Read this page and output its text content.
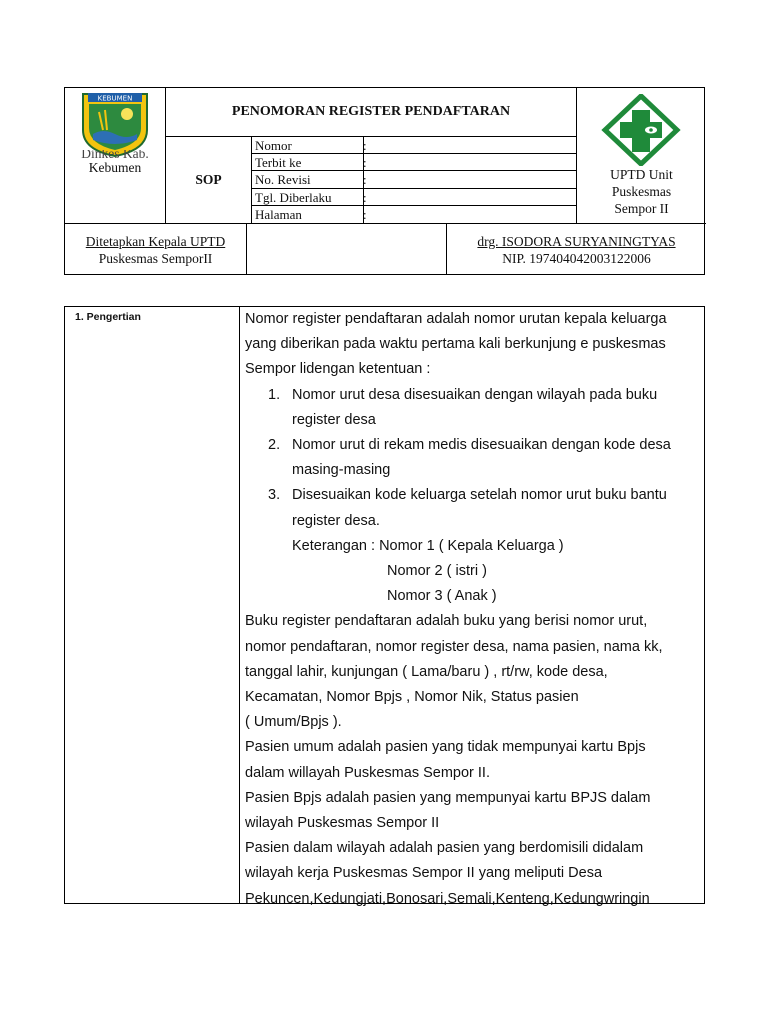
KEBUMEN
Dinkes Kab.
Kebumen
PENOMORAN REGISTER PENDAFTARAN
SOP
Nomor	:
Terbit ke	:
No. Revisi	:
Tgl. Diberlaku :
Halaman	:
UPTD Unit
Puskesmas
Sempor II
Ditetapkan Kepala UPTD
Puskesmas SemporII
drg. ISODORA SURYANINGTYAS
NIP. 197404042003122006
1. Pengertian	Nomor register pendaftaran adalah nomor urutan kepala keluarga
yang diberikan pada waktu pertama kali berkunjung e puskesmas
Sempor lidengan ketentuan :
1. Nomor urut desa disesuaikan dengan wilayah pada buku
register desa
2. Nomor urut di rekam medis disesuaikan dengan kode desa
masing-masing
3. Disesuaikan kode keluarga setelah nomor urut buku bantu
register desa.
Keterangan : Nomor 1 ( Kepala Keluarga )
Nomor 2 ( istri )
Nomor 3 ( Anak )
Buku register pendaftaran adalah buku yang berisi nomor urut,
nomor pendaftaran, nomor register desa, nama pasien, nama kk,
tanggal lahir, kunjungan ( Lama/baru ) , rt/rw, kode desa,
Kecamatan, Nomor Bpjs , Nomor Nik, Status pasien
( Umum/Bpjs ).
Pasien umum adalah pasien yang tidak mempunyai kartu Bpjs
dalam willayah Puskesmas Sempor II.
Pasien Bpjs adalah pasien yang mempunyai kartu BPJS dalam
wilayah Puskesmas Sempor II
Pasien dalam wilayah adalah pasien yang berdomisili didalam
wilayah kerja Puskesmas Sempor II yang meliputi Desa
Pekuncen,Kedungjati,Bonosari,Semali,Kenteng,Kedungwringin
